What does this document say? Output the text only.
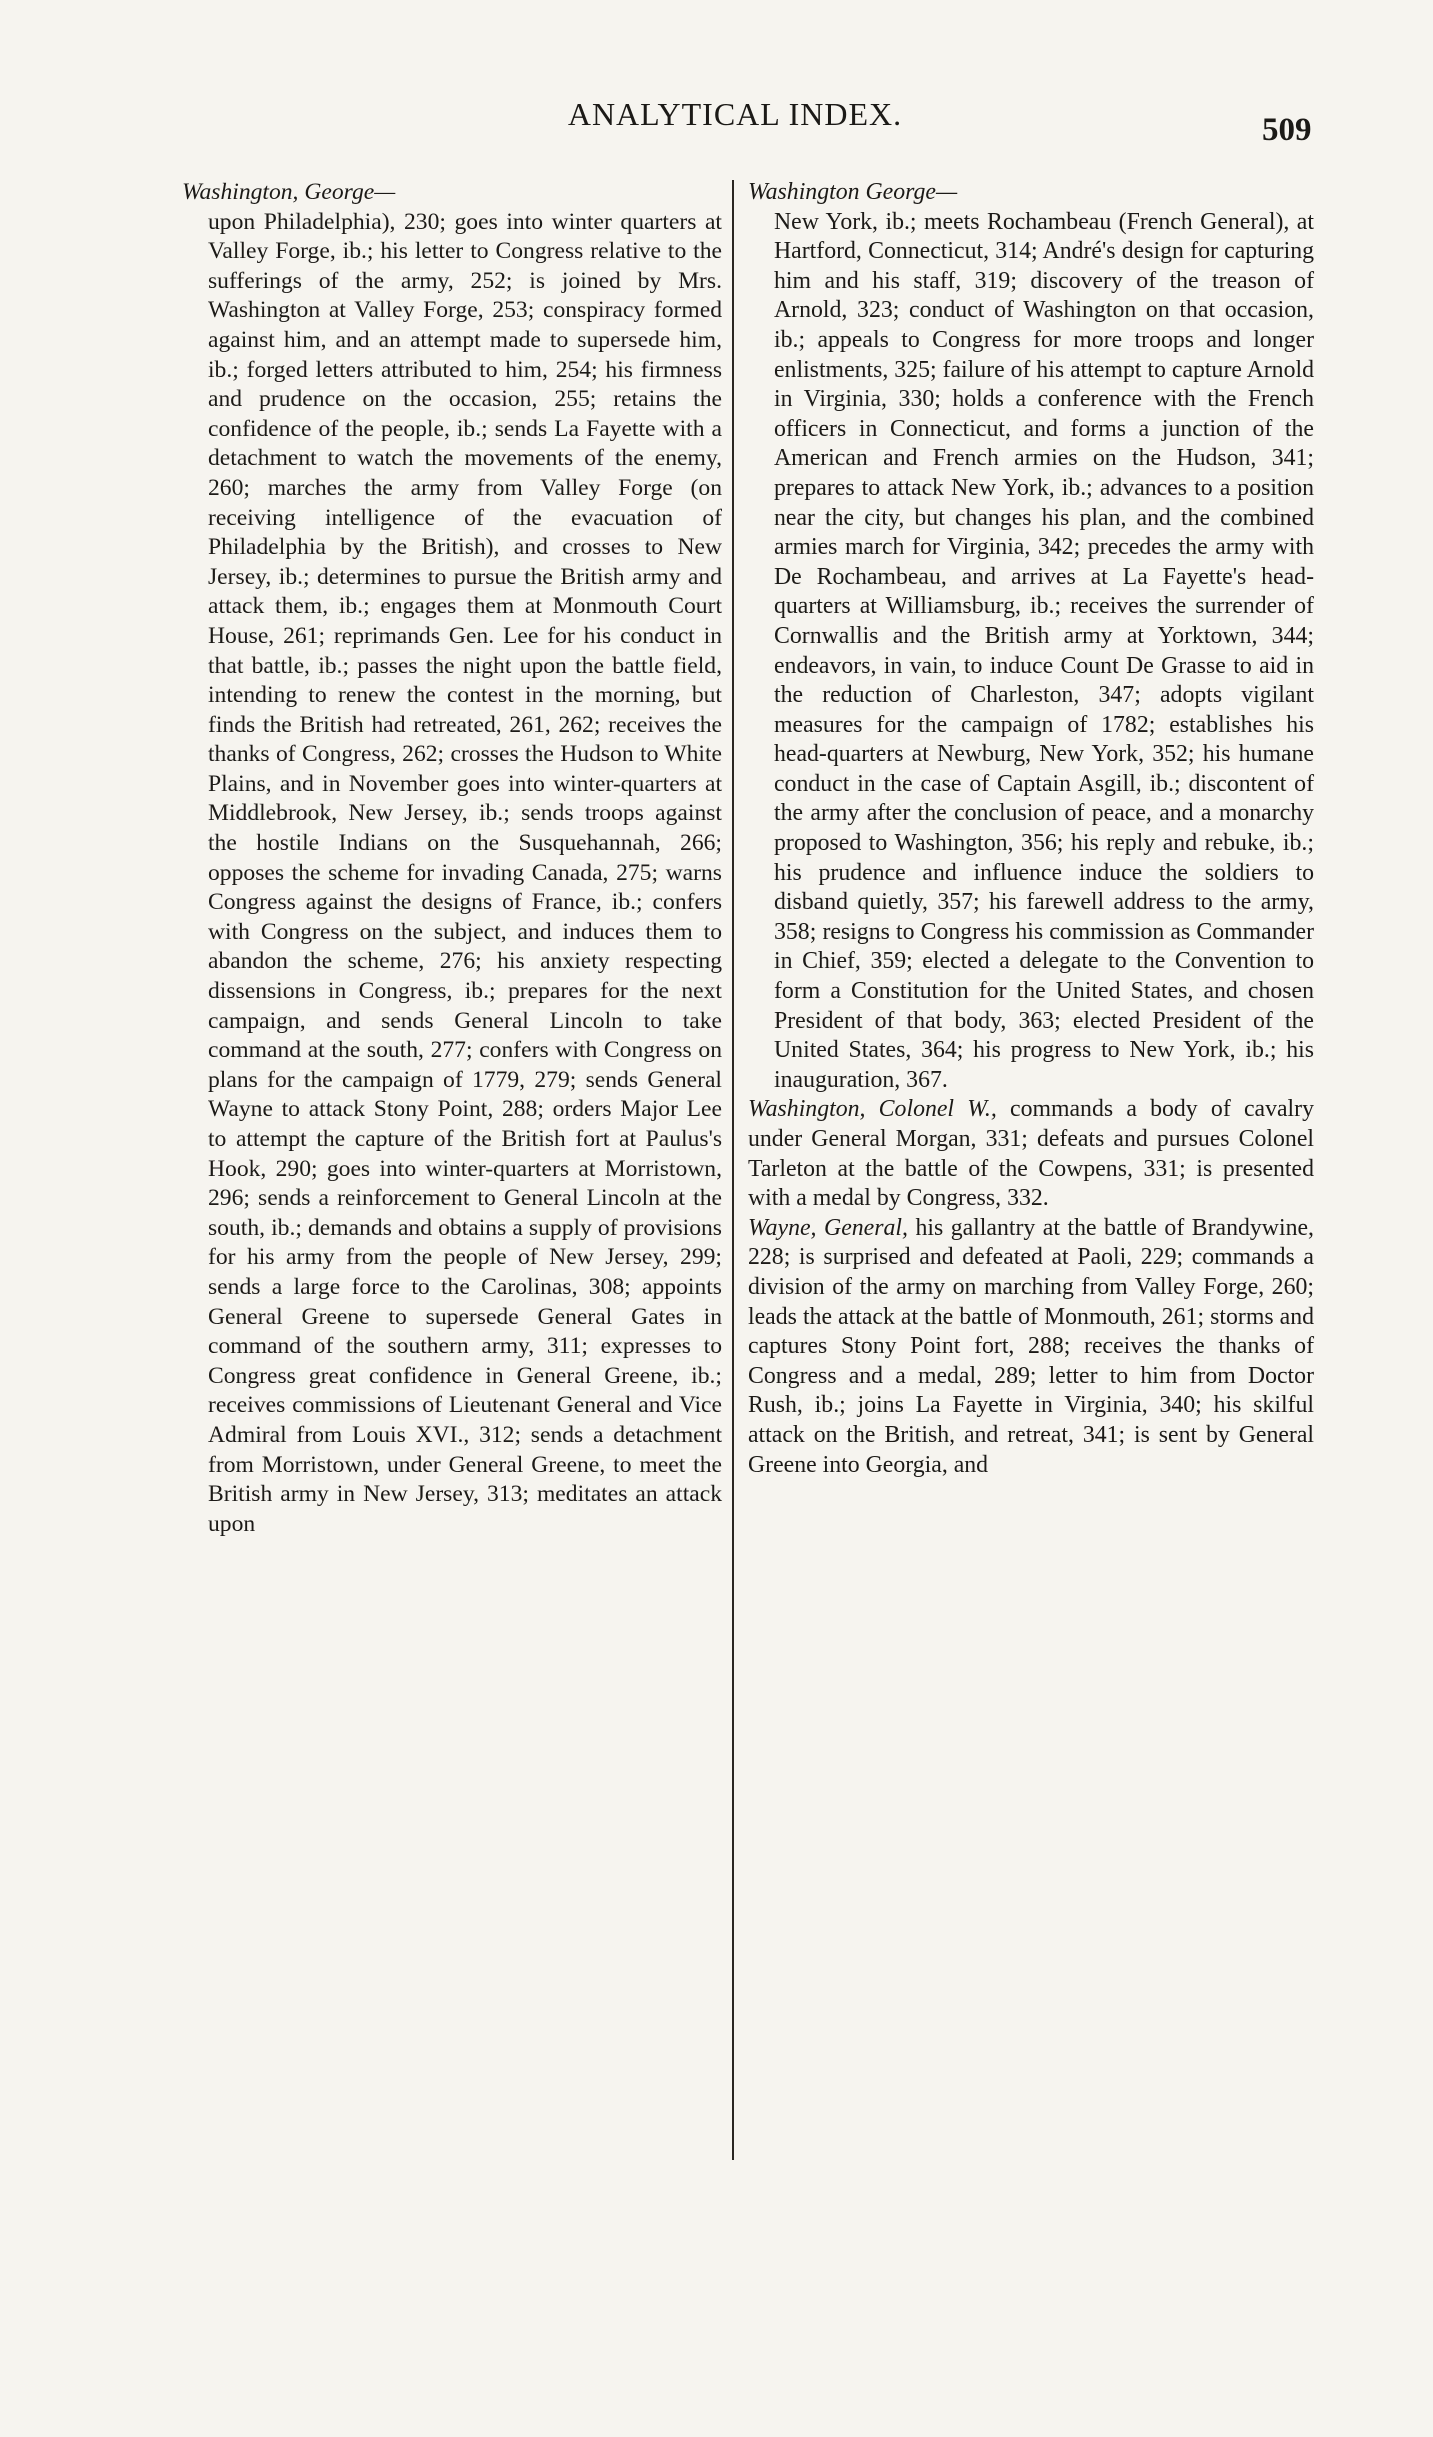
ANALYTICAL INDEX.	509

Washington, George—
upon Philadelphia), 230; goes into winter quarters at Valley Forge, ib.; his letter to Congress relative to the sufferings of the army, 252; is joined by Mrs. Washington at Valley Forge, 253; conspiracy formed against him, and an attempt made to supersede him, ib.; forged letters attributed to him, 254; his firmness and prudence on the occasion, 255; retains the confidence of the people, ib.; sends La Fayette with a detachment to watch the movements of the enemy, 260; marches the army from Valley Forge (on receiving intelligence of the evacuation of Philadelphia by the British), and crosses to New Jersey, ib.; determines to pursue the British army and attack them, ib.; engages them at Monmouth Court House, 261; reprimands Gen. Lee for his conduct in that battle, ib.; passes the night upon the battle field, intending to renew the contest in the morning, but finds the British had retreated, 261, 262; receives the thanks of Congress, 262; crosses the Hudson to White Plains, and in November goes into winter-quarters at Middlebrook, New Jersey, ib.; sends troops against the hostile Indians on the Susquehannah, 266; opposes the scheme for invading Canada, 275; warns Congress against the designs of France, ib.; confers with Congress on the subject, and induces them to abandon the scheme, 276; his anxiety respecting dissensions in Congress, ib.; prepares for the next campaign, and sends General Lincoln to take command at the south, 277; confers with Congress on plans for the campaign of 1779, 279; sends General Wayne to attack Stony Point, 288; orders Major Lee to attempt the capture of the British fort at Paulus's Hook, 290; goes into winter-quarters at Morristown, 296; sends a reinforcement to General Lincoln at the south, ib.; demands and obtains a supply of provisions for his army from the people of New Jersey, 299; sends a large force to the Carolinas, 308; appoints General Greene to supersede General Gates in command of the southern army, 311; expresses to Congress great confidence in General Greene, ib.; receives commissions of Lieutenant General and Vice Admiral from Louis XVI., 312; sends a detachment from Morristown, under General Greene, to meet the British army in New Jersey, 313; meditates an attack upon

Washington George—
New York, ib.; meets Rochambeau (French General), at Hartford, Connecticut, 314; André's design for capturing him and his staff, 319; discovery of the treason of Arnold, 323; conduct of Washington on that occasion, ib.; appeals to Congress for more troops and longer enlistments, 325; failure of his attempt to capture Arnold in Virginia, 330; holds a conference with the French officers in Connecticut, and forms a junction of the American and French armies on the Hudson, 341; prepares to attack New York, ib.; advances to a position near the city, but changes his plan, and the combined armies march for Virginia, 342; precedes the army with De Rochambeau, and arrives at La Fayette's head-quarters at Williamsburg, ib.; receives the surrender of Cornwallis and the British army at Yorktown, 344; endeavors, in vain, to induce Count De Grasse to aid in the reduction of Charleston, 347; adopts vigilant measures for the campaign of 1782; establishes his head-quarters at Newburg, New York, 352; his humane conduct in the case of Captain Asgill, ib.; discontent of the army after the conclusion of peace, and a monarchy proposed to Washington, 356; his reply and rebuke, ib.; his prudence and influence induce the soldiers to disband quietly, 357; his farewell address to the army, 358; resigns to Congress his commission as Commander in Chief, 359; elected a delegate to the Convention to form a Constitution for the United States, and chosen President of that body, 363; elected President of the United States, 364; his progress to New York, ib.; his inauguration, 367.

Washington, Colonel W., commands a body of cavalry under General Morgan, 331; defeats and pursues Colonel Tarleton at the battle of the Cowpens, 331; is presented with a medal by Congress, 332.

Wayne, General, his gallantry at the battle of Brandywine, 228; is surprised and defeated at Paoli, 229; commands a division of the army on marching from Valley Forge, 260; leads the attack at the battle of Monmouth, 261; storms and captures Stony Point fort, 288; receives the thanks of Congress and a medal, 289; letter to him from Doctor Rush, ib.; joins La Fayette in Virginia, 340; his skilful attack on the British, and retreat, 341; is sent by General Greene into Georgia, and
